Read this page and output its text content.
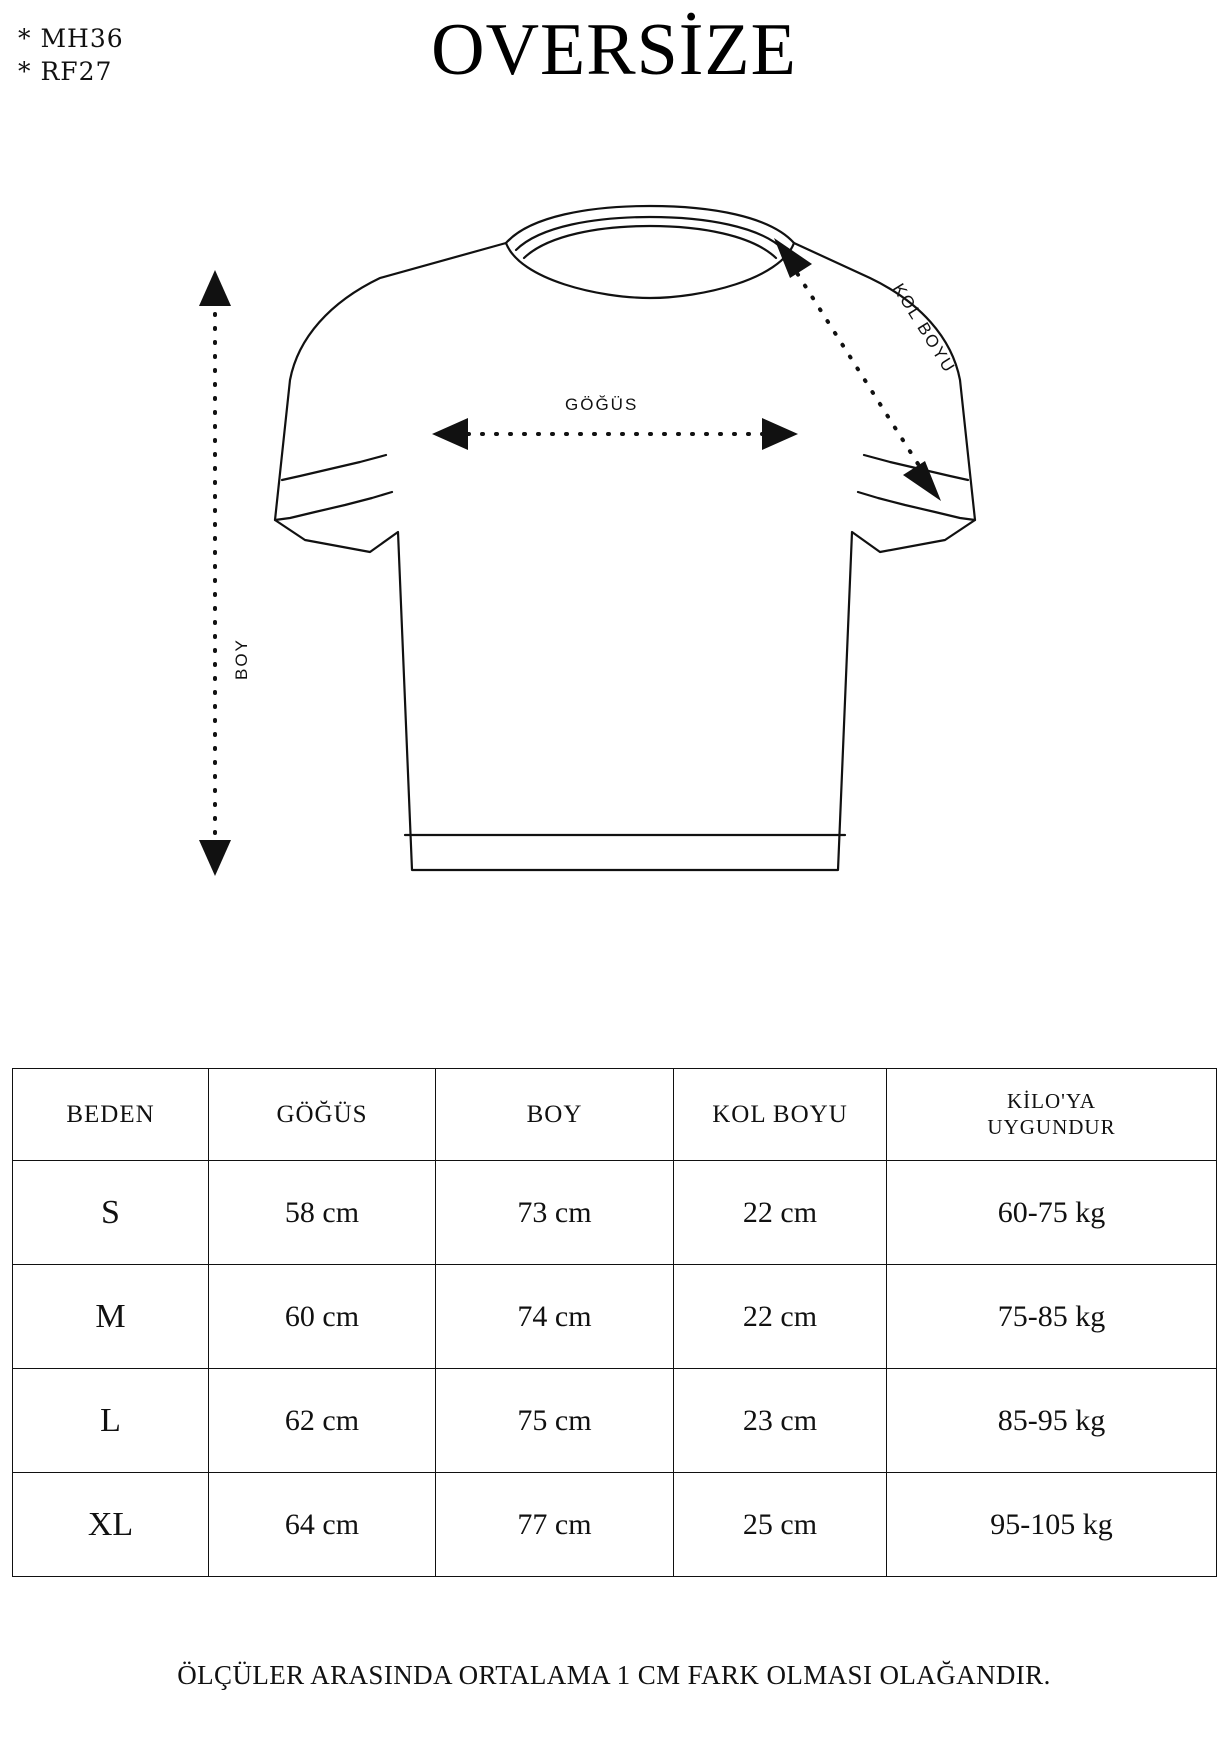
* MH36
* RF27	OVERSİZE
GÖĞÜS
BOY
KOL BOYU
BEDEN	GÖĞÜS	BOY	KOL BOYU	KİLO'YA
UYGUNDUR
S	58 cm	73 cm	22 cm	60-75 kg
M	60 cm	74 cm	22 cm	75-85 kg
L	62 cm	75 cm	23 cm	85-95 kg
XL	64 cm	77 cm	25 cm	95-105 kg
ÖLÇÜLER ARASINDA ORTALAMA 1 CM FARK OLMASI OLAĞANDIR.
